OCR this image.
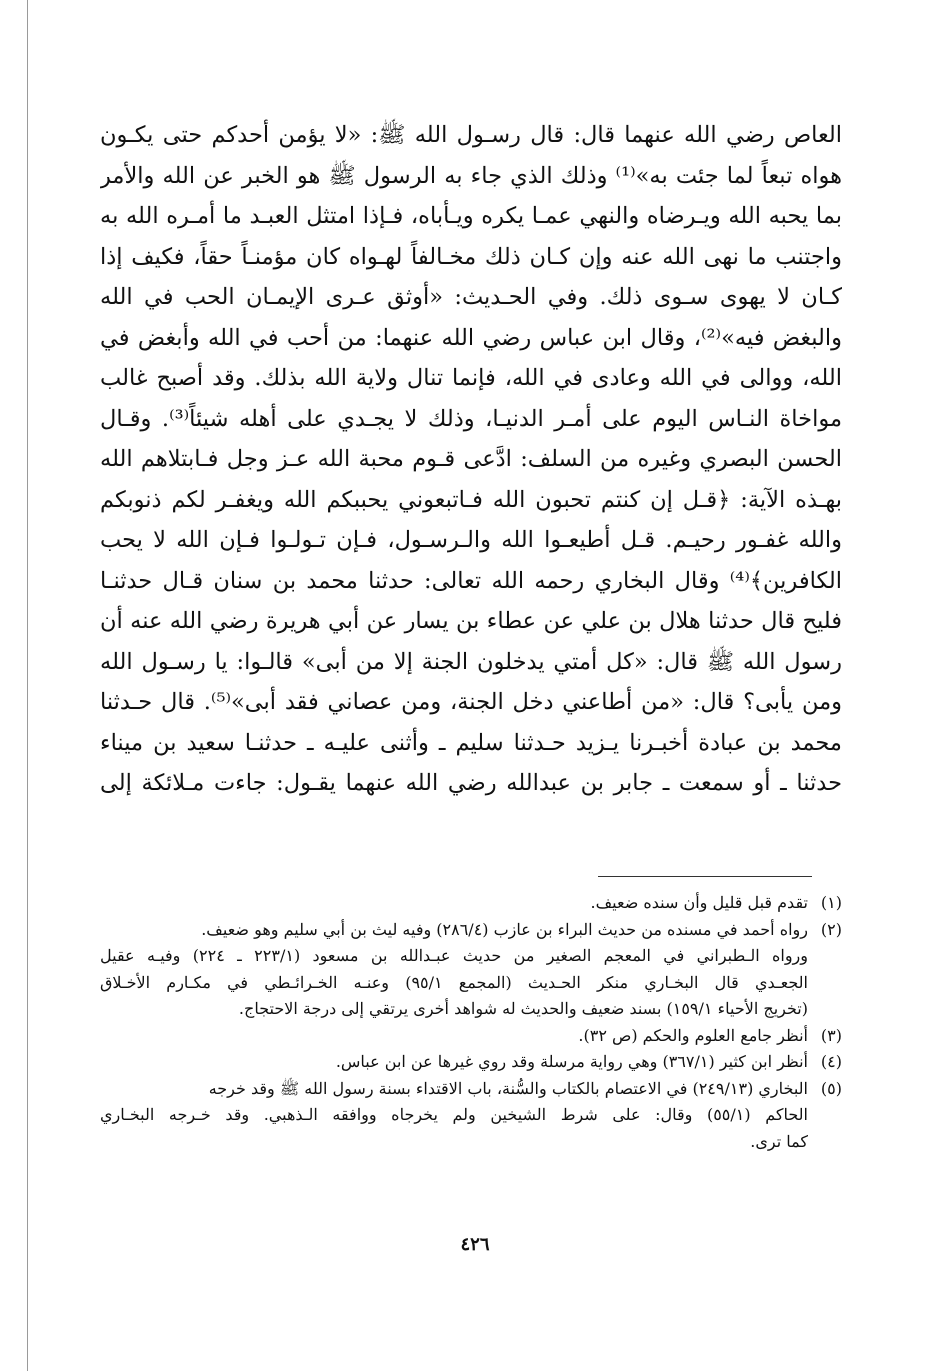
العاص رضي الله عنهما قال: قال رسـول الله ﷺ: «لا يؤمن أحدكم حتى يكـون
هواه تبعاً لما جئت به»⁽¹⁾ وذلك الذي جاء به الرسول ﷺ هو الخبر عن الله والأمر
بما يحبه الله ويـرضاه والنهي عمـا يكره ويـأباه، فـإذا امتثل العبـد ما أمـره الله به
واجتنب ما نهى الله عنه وإن كـان ذلك مخـالفاً لهـواه كان مؤمنـاً حقاً، فكيف إذا
كـان لا يهوى سـوى ذلك. وفي الحـديث: «أوثق عـرى الإيمـان الحب في الله
والبغض فيه»⁽²⁾، وقال ابن عباس رضي الله عنهما: من أحب في الله وأبغض في
الله، ووالى في الله وعادى في الله، فإنما تنال ولاية الله بذلك. وقد أصبح غالب
مواخاة النـاس اليوم على أمـر الدنيـا، وذلك لا يجـدي على أهله شيئاً⁽³⁾. وقـال
الحسن البصري وغيره من السلف: ادَّعى قـوم محبة الله عـز وجل فـابتلاهم الله
بهـذه الآية: ﴿قـل إن كنتم تحبون الله فـاتبعوني يحببكم الله ويغفـر لكم ذنوبكم
والله غفـور رحيـم. قـل أطيعـوا الله والـرسـول، فـإن تـولـوا فـإن الله لا يحب
الكافرين﴾⁽⁴⁾ وقال البخاري رحمه الله تعالى: حدثنا محمد بن سنان قـال حدثنـا
فليح قال حدثنا هلال بن علي عن عطاء بن يسار عن أبي هريرة رضي الله عنه أن
رسول الله ﷺ قال: «كل أمتي يدخلون الجنة إلا من أبى» قالـوا: يا رسـول الله
ومن يأبى؟ قال: «من أطاعني دخل الجنة، ومن عصاني فقد أبى»⁽⁵⁾. قال حـدثنا
محمد بن عبادة أخبـرنا يـزيد حـدثنا سليم ـ وأثنى عليـه ـ حدثنـا سعيد بن ميناء
حدثنا ـ أو سمعت ـ جابر بن عبدالله رضي الله عنهما يقـول: جاءت مـلائكة إلى
(١)تقدم قبل قليل وأن سنده ضعيف.
(٢)رواه أحمد في مسنده من حديث البراء بن عازب (٢٨٦/٤) وفيه ليث بن أبي سليم وهو ضعيف.
ورواه الـطبراني في المعجم الصغير من حديث عبـدالله بن مسعود (٢٢٣/١ ـ ٢٢٤) وفيـه عقيل
الجعـدي قال البخـاري منكر الحـديث (المجمع ٩٥/١) وعنـه الخـرائـطي في مكـارم الأخـلاق
(تخريج الأحياء ١٥٩/١) بسند ضعيف والحديث له شواهد أخرى يرتقي إلى درجة الاحتجاج.
(٣)أنظر جامع العلوم والحكم (ص ٣٢).
(٤)أنظر ابن كثير (٣٦٧/١) وهي رواية مرسلة وقد روي غيرها عن ابن عباس.
(٥)البخاري (٢٤٩/١٣) في الاعتصام بالكتاب والسُّنة، باب الاقتداء بسنة رسول الله ﷺ وقد خرجه
الحاكم (٥٥/١) وقال: على شرط الشيخين ولم يخرجاه ووافقه الـذهبي. وقد خـرجه البخـاري
كما ترى.
٤٢٦
